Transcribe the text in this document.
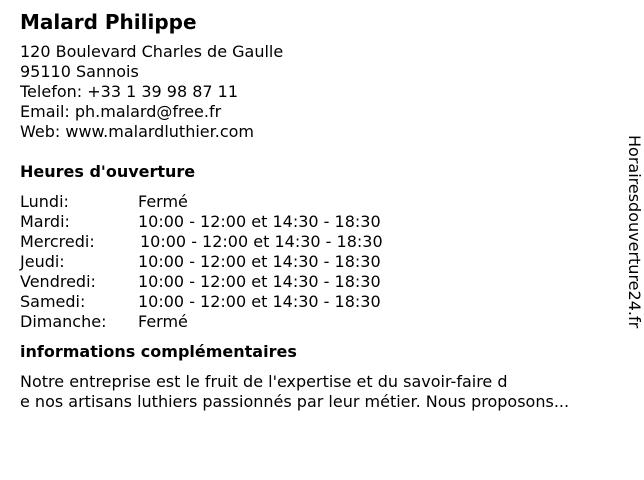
Malard Philippe
120 Boulevard Charles de Gaulle
95110 Sannois
Telefon: +33 1 39 98 87 11
Email: ph.malard@free.fr
Web: www.malardluthier.com
Heures d'ouverture
Lundi:	Fermé
Mardi:	10:00 - 12:00 et 14:30 - 18:30
Mercredi:	10:00 - 12:00 et 14:30 - 18:30
Jeudi:	10:00 - 12:00 et 14:30 - 18:30
Vendredi:	10:00 - 12:00 et 14:30 - 18:30
Samedi:	10:00 - 12:00 et 14:30 - 18:30
Dimanche:	Fermé
informations complémentaires
Notre entreprise est le fruit de l'expertise et du savoir-faire d
e nos artisans luthiers passionnés par leur métier. Nous proposons...
Horairesdouverture24.fr
